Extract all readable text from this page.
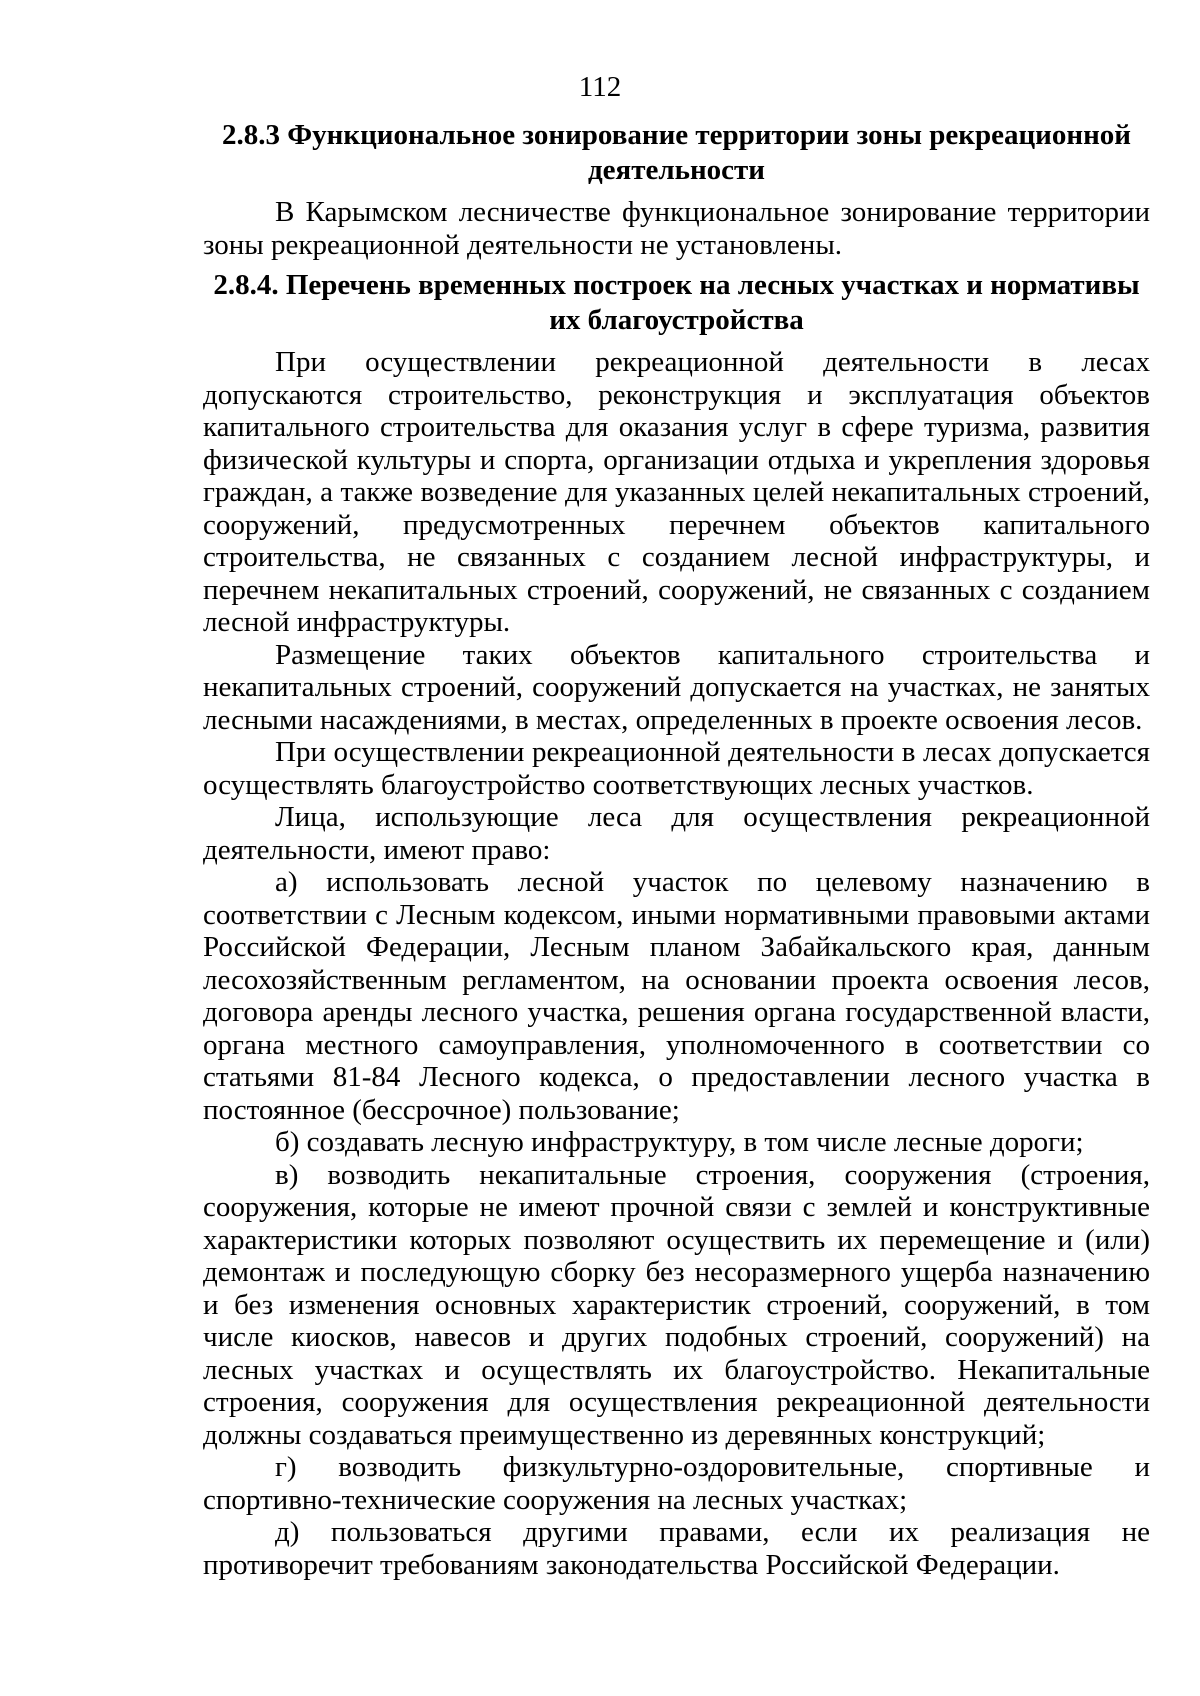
112

2.8.3 Функциональное зонирование территории зоны рекреационной деятельности

В Карымском лесничестве функциональное зонирование территории зоны рекреационной деятельности не установлены.

2.8.4. Перечень временных построек на лесных участках и нормативы их благоустройства

При осуществлении рекреационной деятельности в лесах допускаются строительство, реконструкция и эксплуатация объектов капитального строительства для оказания услуг в сфере туризма, развития физической культуры и спорта, организации отдыха и укрепления здоровья граждан, а также возведение для указанных целей некапитальных строений, сооружений, предусмотренных перечнем объектов капитального строительства, не связанных с созданием лесной инфраструктуры, и перечнем некапитальных строений, сооружений, не связанных с созданием лесной инфраструктуры.

Размещение таких объектов капитального строительства и некапитальных строений, сооружений допускается на участках, не занятых лесными насаждениями, в местах, определенных в проекте освоения лесов.

При осуществлении рекреационной деятельности в лесах допускается осуществлять благоустройство соответствующих лесных участков.

Лица, использующие леса для осуществления рекреационной деятельности, имеют право:

а) использовать лесной участок по целевому назначению в соответствии с Лесным кодексом, иными нормативными правовыми актами Российской Федерации, Лесным планом Забайкальского края, данным лесохозяйственным регламентом, на основании проекта освоения лесов, договора аренды лесного участка, решения органа государственной власти, органа местного самоуправления, уполномоченного в соответствии со статьями 81-84 Лесного кодекса, о предоставлении лесного участка в постоянное (бессрочное) пользование;

б) создавать лесную инфраструктуру, в том числе лесные дороги;

в) возводить некапитальные строения, сооружения (строения, сооружения, которые не имеют прочной связи с землей и конструктивные характеристики которых позволяют осуществить их перемещение и (или) демонтаж и последующую сборку без несоразмерного ущерба назначению и без изменения основных характеристик строений, сооружений, в том числе киосков, навесов и других подобных строений, сооружений) на лесных участках и осуществлять их благоустройство. Некапитальные строения, сооружения для осуществления рекреационной деятельности должны создаваться преимущественно из деревянных конструкций;

г) возводить физкультурно-оздоровительные, спортивные и спортивно-технические сооружения на лесных участках;

д) пользоваться другими правами, если их реализация не противоречит требованиям законодательства Российской Федерации.
